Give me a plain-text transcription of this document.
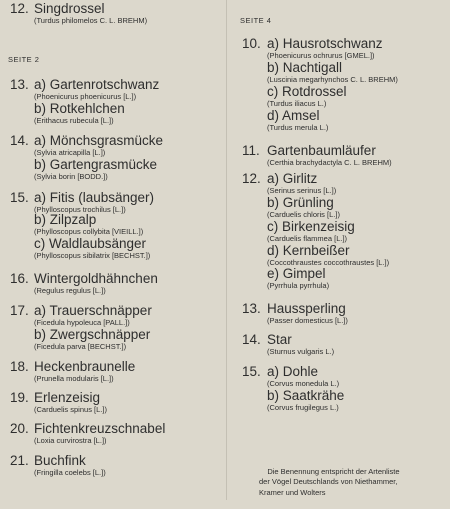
12. Singdrossel
(Turdus philomelos C. L. BREHM)
SEITE 2
13. a) Gartenrotschwanz
(Phoenicurus phoenicurus [L.])
b) Rotkehlchen
(Erithacus rubecula [L.])
14. a) Mönchsgrasmücke
(Sylvia atricapilla [L.])
b) Gartengrasmücke
(Sylvia borin [BODD.])
15. a) Fitis (laubsänger)
(Phylloscopus trochilus [L.])
b) Zilpzalp
(Phylloscopus collybita [VIEILL.])
c) Waldlaubsänger
(Phylloscopus sibilatrix [BECHST.])
16. Wintergoldhähnchen
(Regulus regulus [L.])
17. a) Trauerschnäpper
(Ficedula hypoleuca [PALL.])
b) Zwergschnäpper
(Ficedula parva [BECHST.])
18. Heckenbraunelle
(Prunella modularis [L.])
19. Erlenzeisig
(Carduelis spinus [L.])
20. Fichtenkreuzschnabel
(Loxia curvirostra [L.])
21. Buchfink
(Fringilla coelebs [L.])
SEITE 4
10. a) Hausrotschwanz
(Phoenicurus ochrurus [GMEL.])
b) Nachtigall
(Luscinia megarhynchos C. L. BREHM)
c) Rotdrossel
(Turdus iliacus L.)
d) Amsel
(Turdus merula L.)
11. Gartenbaumläufer
(Certhia brachydactyla C. L. BREHM)
12. a) Girlitz
(Serinus serinus [L.])
b) Grünling
(Carduelis chloris [L.])
c) Birkenzeisig
(Carduelis flammea [L.])
d) Kernbeißer
(Coccothraustes coccothraustes [L.])
e) Gimpel
(Pyrrhula pyrrhula)
13. Haussperling
(Passer domesticus [L.])
14. Star
(Sturnus vulgaris L.)
15. a) Dohle
(Corvus monedula L.)
b) Saatkrähe
(Corvus frugilegus L.)

Die Benennung entspricht der Artenliste
der Vögel Deutschlands von Niethammer,
Kramer und Wolters
